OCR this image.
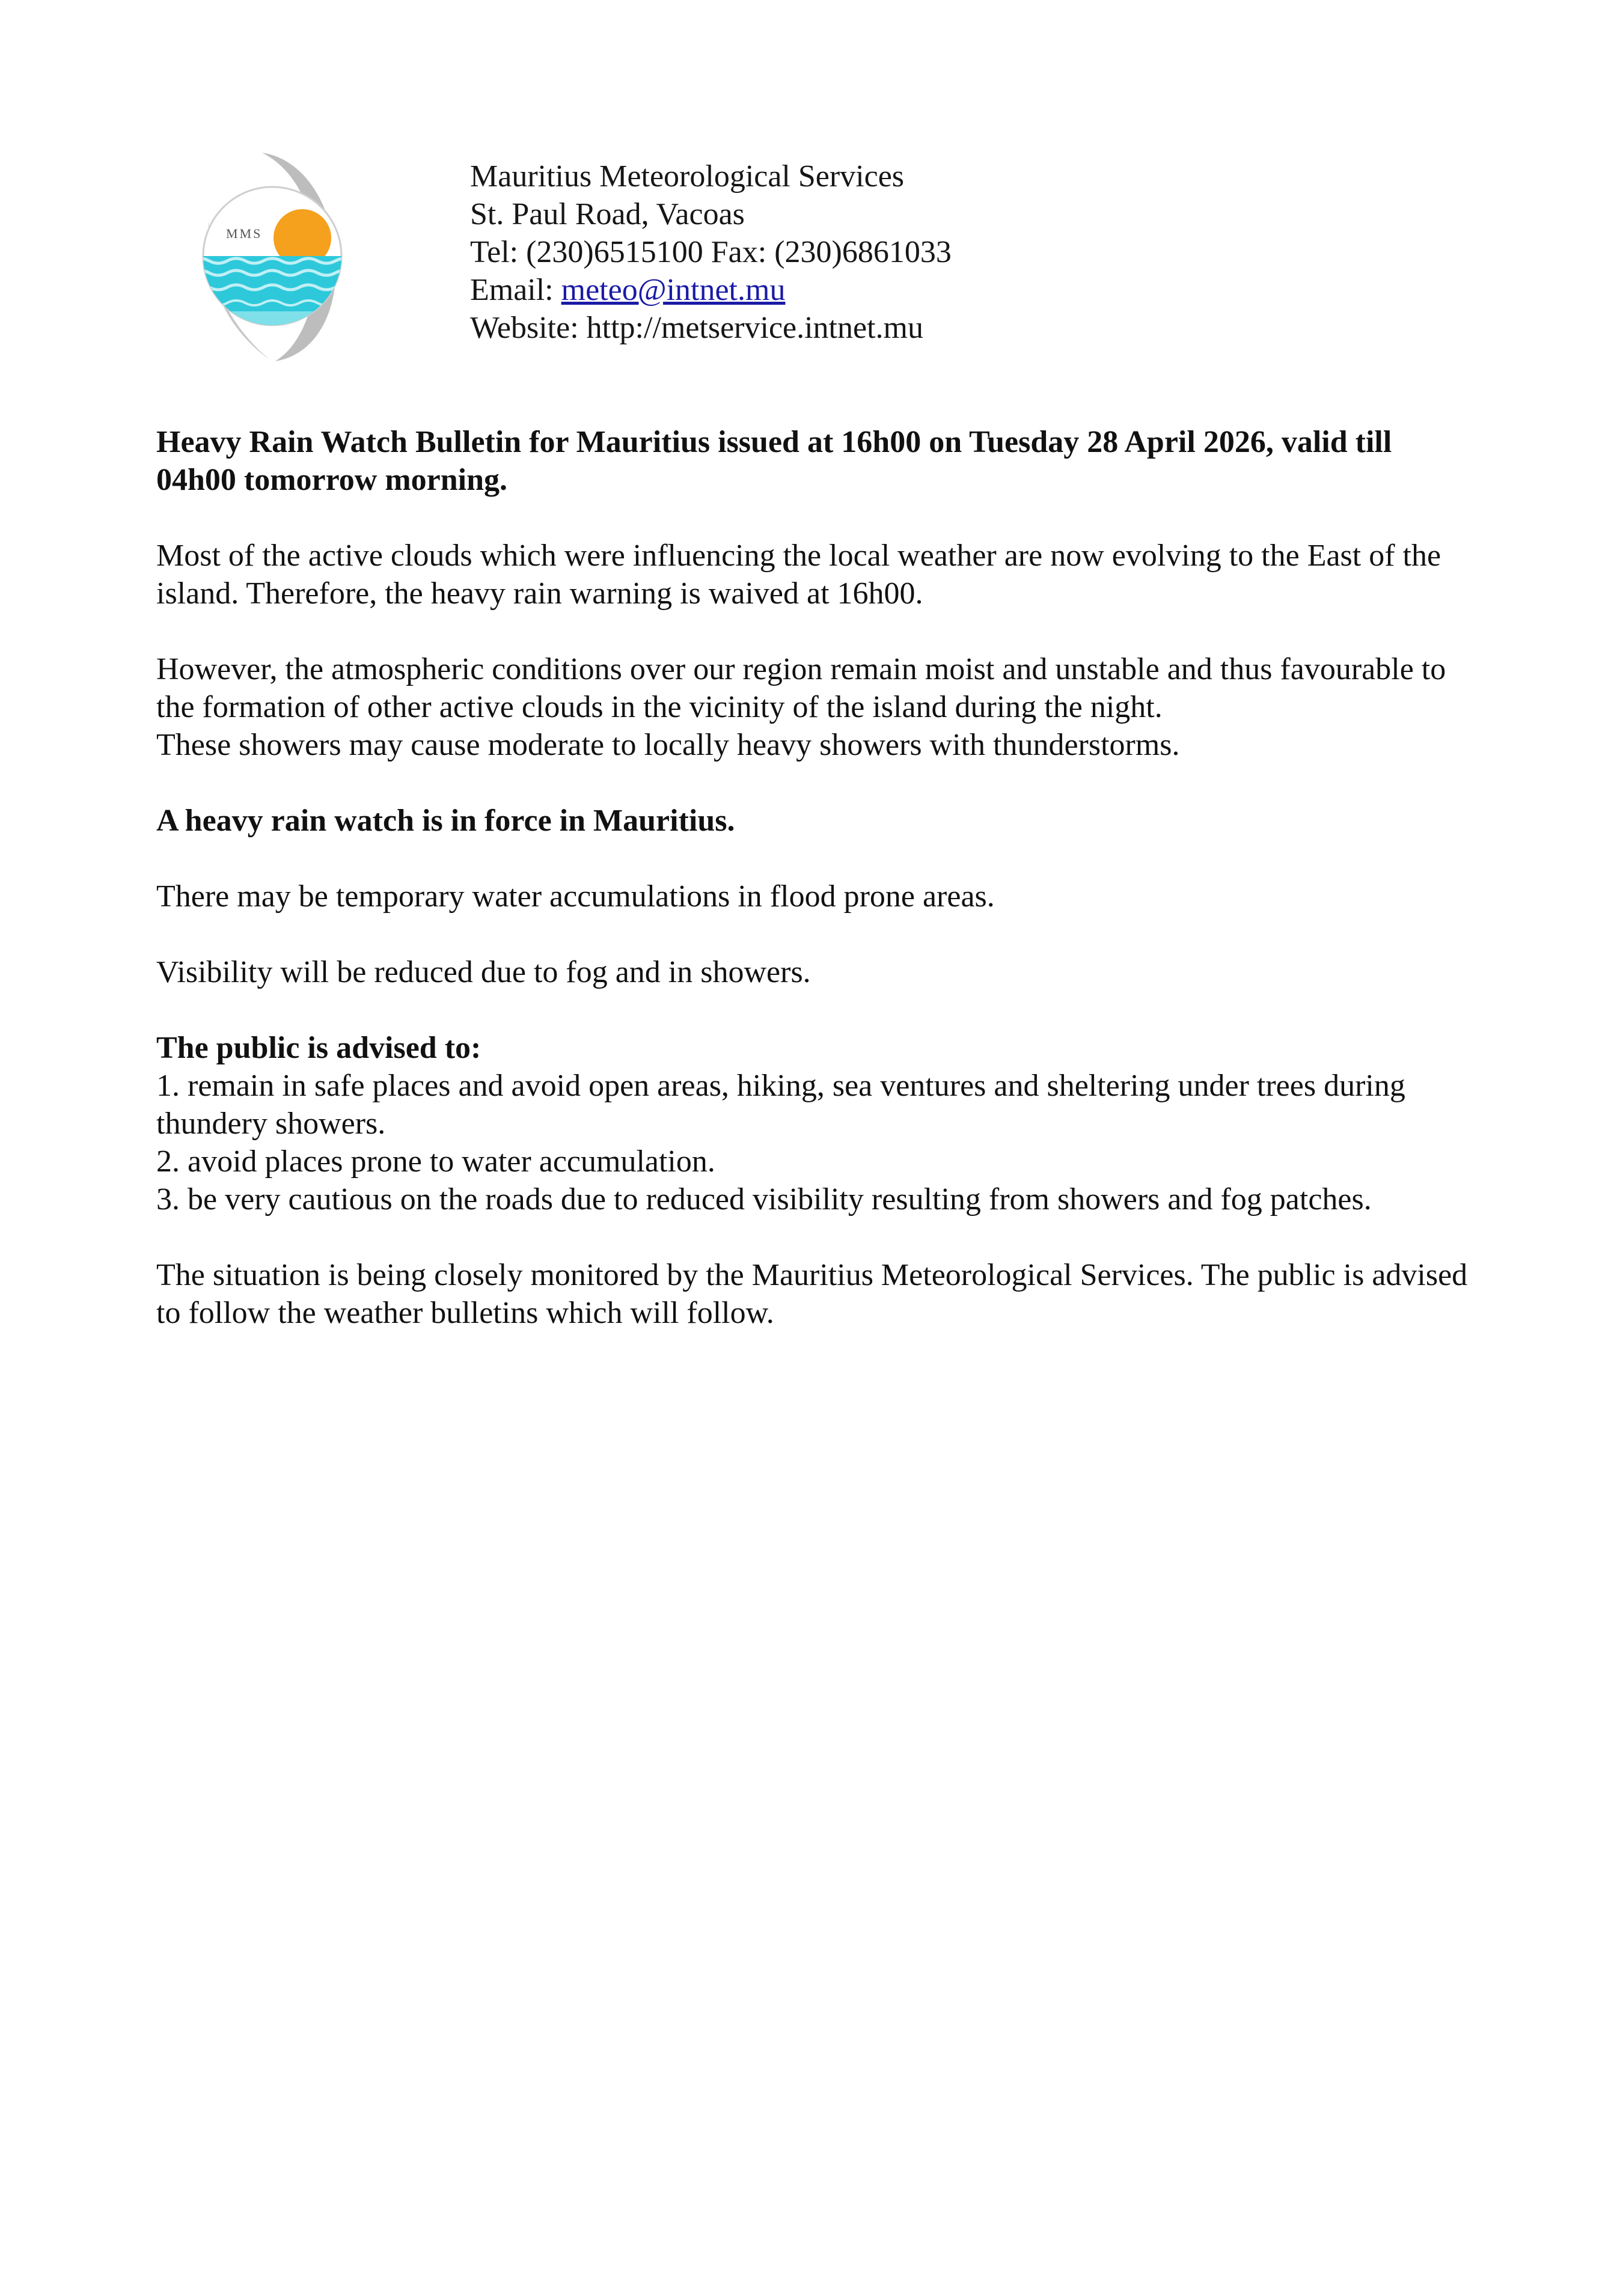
MMS
Mauritius Meteorological Services
St. Paul Road, Vacoas
Tel: (230)6515100 Fax: (230)6861033
Email: meteo@intnet.mu
Website: http://metservice.intnet.mu

Heavy Rain Watch Bulletin for Mauritius issued at 16h00 on Tuesday 28 April 2026, valid till 04h00 tomorrow morning.

Most of the active clouds which were influencing the local weather are now evolving to the East of the island. Therefore, the heavy rain warning is waived at 16h00.

However, the atmospheric conditions over our region remain moist and unstable and thus favourable to the formation of other active clouds in the vicinity of the island during the night.
These showers may cause moderate to locally heavy showers with thunderstorms.

A heavy rain watch is in force in Mauritius.

There may be temporary water accumulations in flood prone areas.

Visibility will be reduced due to fog and in showers.

The public is advised to:
1. remain in safe places and avoid open areas, hiking, sea ventures and sheltering under trees during thundery showers.
2. avoid places prone to water accumulation.
3. be very cautious on the roads due to reduced visibility resulting from showers and fog patches.

The situation is being closely monitored by the Mauritius Meteorological Services. The public is advised to follow the weather bulletins which will follow.
